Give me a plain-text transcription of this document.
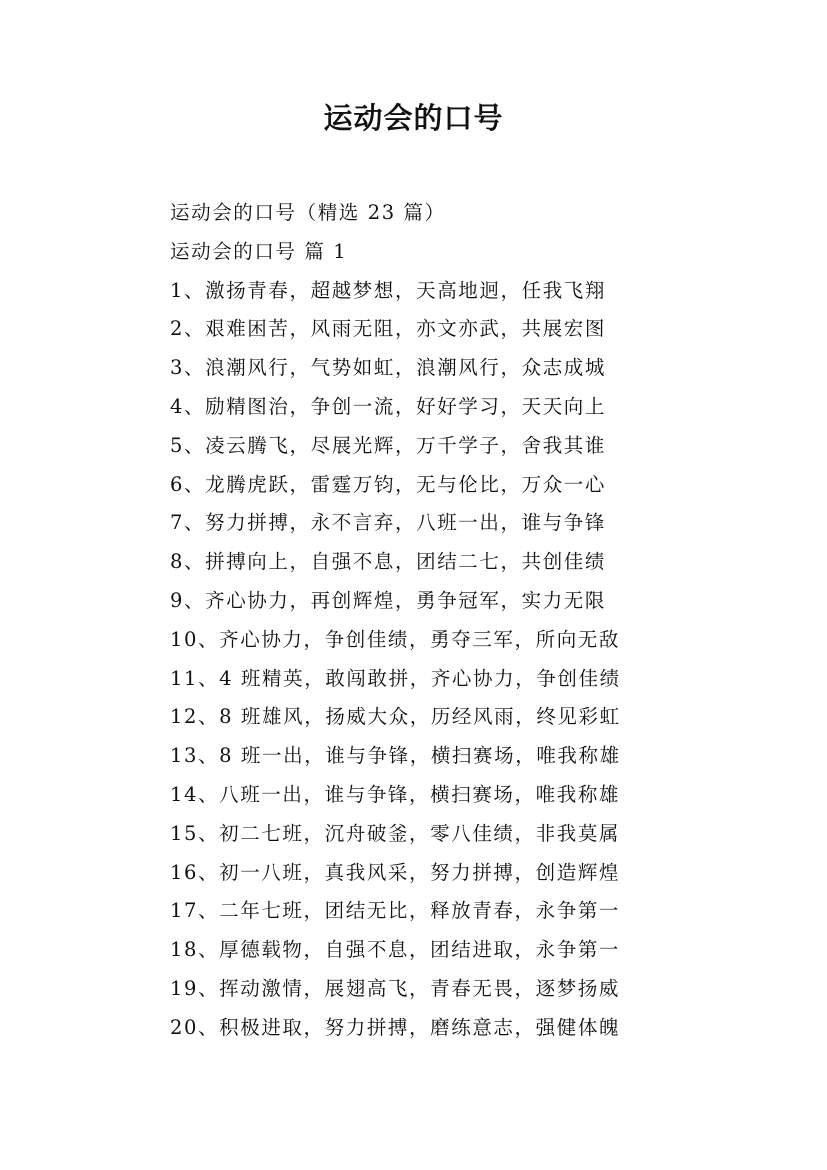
运动会的口号
运动会的口号（精选 23 篇）
运动会的口号 篇 1
1、激扬青春，超越梦想，天高地迥，任我飞翔
2、艰难困苦，风雨无阻，亦文亦武，共展宏图
3、浪潮风行，气势如虹，浪潮风行，众志成城
4、励精图治，争创一流，好好学习，天天向上
5、凌云腾飞，尽展光辉，万千学子，舍我其谁
6、龙腾虎跃，雷霆万钧，无与伦比，万众一心
7、努力拼搏，永不言弃，八班一出，谁与争锋
8、拼搏向上，自强不息，团结二七，共创佳绩
9、齐心协力，再创辉煌，勇争冠军，实力无限
10、齐心协力，争创佳绩，勇夺三军，所向无敌
11、4 班精英，敢闯敢拼，齐心协力，争创佳绩
12、8 班雄风，扬威大众，历经风雨，终见彩虹
13、8 班一出，谁与争锋，横扫赛场，唯我称雄
14、八班一出，谁与争锋，横扫赛场，唯我称雄
15、初二七班，沉舟破釜，零八佳绩，非我莫属
16、初一八班，真我风采，努力拼搏，创造辉煌
17、二年七班，团结无比，释放青春，永争第一
18、厚德载物，自强不息，团结进取，永争第一
19、挥动激情，展翅高飞，青春无畏，逐梦扬威
20、积极进取，努力拼搏，磨练意志，强健体魄
